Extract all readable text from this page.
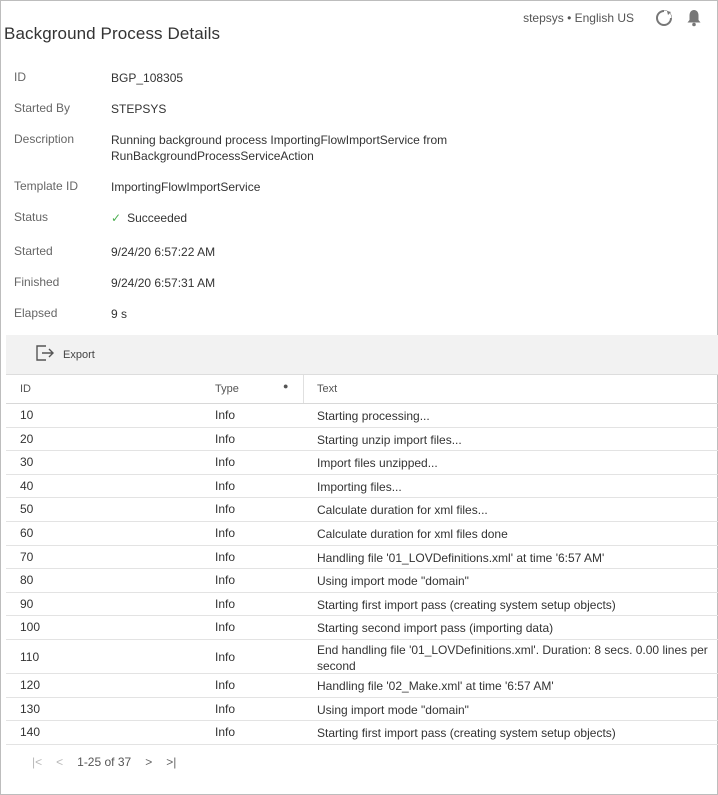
stepsys • English US
Background Process Details
ID	BGP_108305
Started By	STEPSYS
Description	Running background process ImportingFlowImportService from RunBackgroundProcessServiceAction
Template ID	ImportingFlowImportService
Status	✓ Succeeded
Started	9/24/20 6:57:22 AM
Finished	9/24/20 6:57:31 AM
Elapsed	9 s
Export
ID	Type	●	Text
10	Info	Starting processing...
20	Info	Starting unzip import files...
30	Info	Import files unzipped...
40	Info	Importing files...
50	Info	Calculate duration for xml files...
60	Info	Calculate duration for xml files done
70	Info	Handling file '01_LOVDefinitions.xml' at time '6:57 AM'
80	Info	Using import mode "domain"
90	Info	Starting first import pass (creating system setup objects)
100	Info	Starting second import pass (importing data)
110	Info	End handling file '01_LOVDefinitions.xml'. Duration: 8 secs. 0.00 lines per second
120	Info	Handling file '02_Make.xml' at time '6:57 AM'
130	Info	Using import mode "domain"
140	Info	Starting first import pass (creating system setup objects)
|< < 1-25 of 37 > >|
